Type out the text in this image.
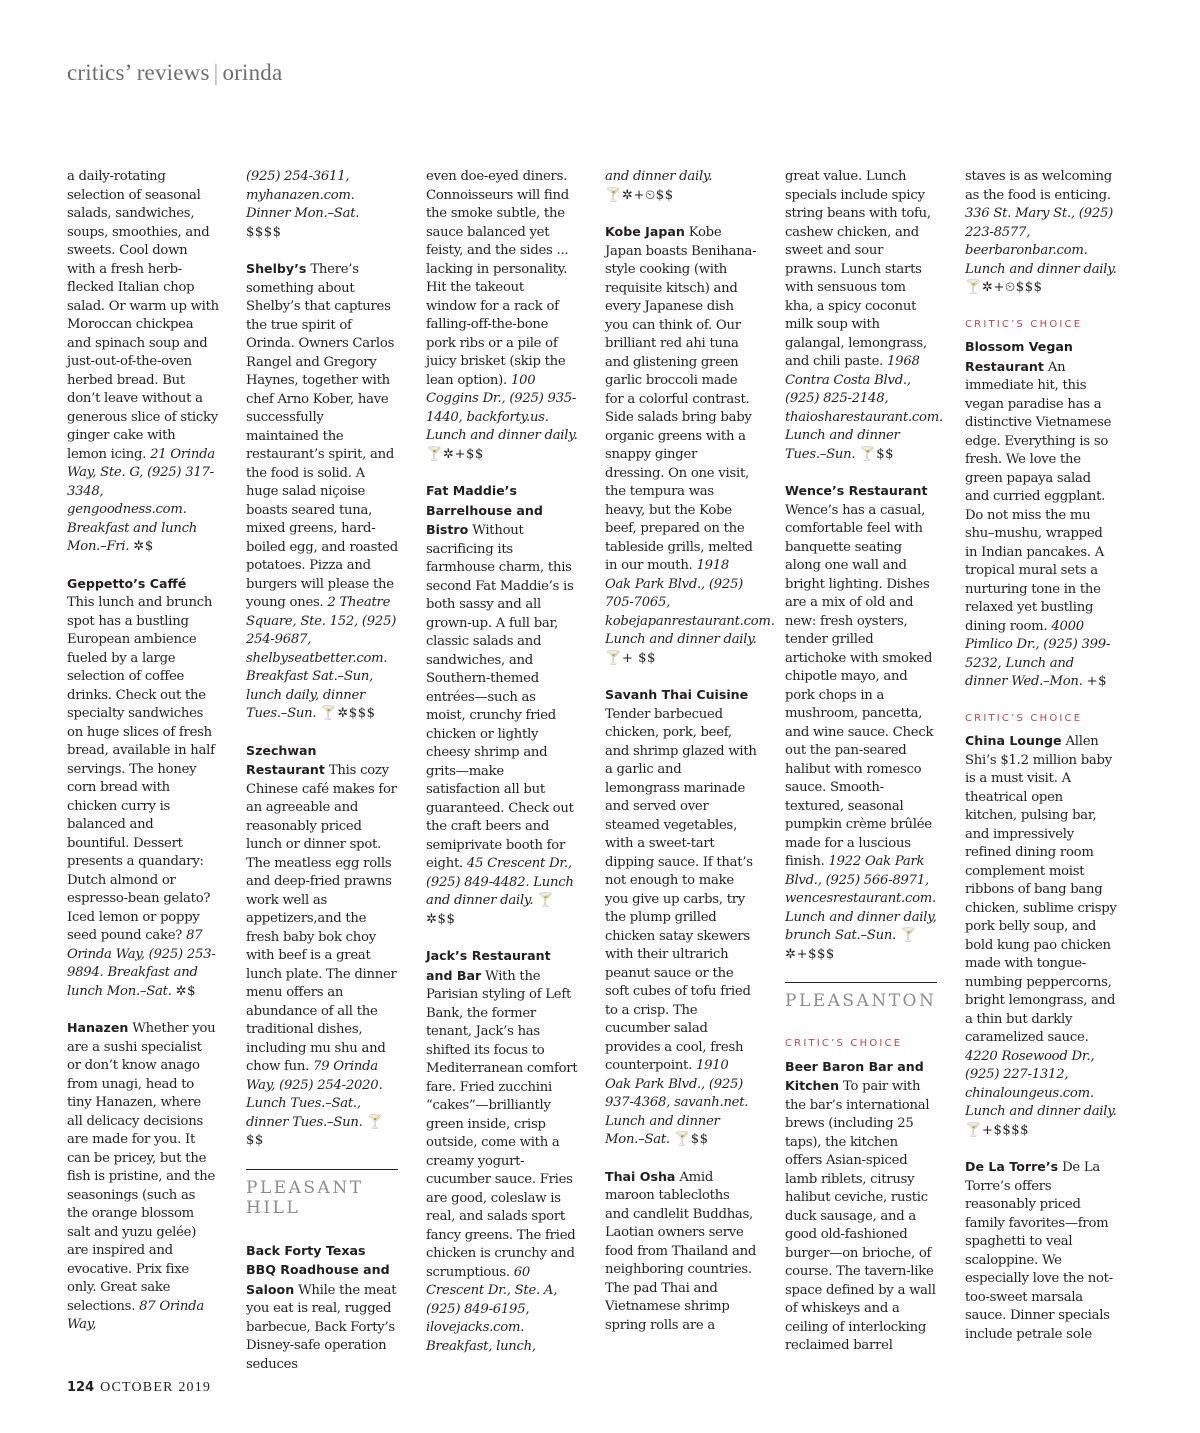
critics’ reviews | orinda

a daily-rotating selection of seasonal salads, sandwiches, soups, smoothies, and sweets. Cool down with a fresh herb-flecked Italian chop salad. Or warm up with Moroccan chickpea and spinach soup and just-out-of-the-oven herbed bread. But don’t leave without a generous slice of sticky ginger cake with lemon icing. 21 Orinda Way, Ste. G, (925) 317-3348, gengoodness.com. Breakfast and lunch Mon.–Fri. ✲$

Geppetto’s Caffé
This lunch and brunch spot has a bustling European ambience fueled by a large selection of coffee drinks. Check out the specialty sandwiches on huge slices of fresh bread, available in half servings. The honey corn bread with chicken curry is balanced and bountiful. Dessert presents a quandary: Dutch almond or espresso-bean gelato? Iced lemon or poppy seed pound cake? 87 Orinda Way, (925) 253-9894. Breakfast and lunch Mon.–Sat. ✲$

Hanazen Whether you are a sushi specialist or don’t know anago from unagi, head to tiny Hanazen, where all delicacy decisions are made for you. It can be pricey, but the fish is pristine, and the seasonings (such as the orange blossom salt and yuzu gelée) are inspired and evocative. Prix fixe only. Great sake selections. 87 Orinda Way,

(925) 254-3611, myhanazen.com. Dinner Mon.–Sat. $$$$

Shelby’s There’s something about Shelby’s that captures the true spirit of Orinda. Owners Carlos Rangel and Gregory Haynes, together with chef Arno Kober, have successfully maintained the restaurant’s spirit, and the food is solid. A huge salad niçoise boasts seared tuna, mixed greens, hard-boiled egg, and roasted potatoes. Pizza and burgers will please the young ones. 2 Theatre Square, Ste. 152, (925) 254-9687, shelbyseatbetter.com. Breakfast Sat.–Sun, lunch daily, dinner Tues.–Sun. 🍸✲$$$

Szechwan Restaurant This cozy Chinese café makes for an agreeable and reasonably priced lunch or dinner spot. The meatless egg rolls and deep-fried prawns work well as appetizers,and the fresh baby bok choy with beef is a great lunch plate. The dinner menu offers an abundance of all the traditional dishes, including mu shu and chow fun. 79 Orinda Way, (925) 254-2020. Lunch Tues.–Sat., dinner Tues.–Sun. 🍸$$

PLEASANT HILL

Back Forty Texas BBQ Roadhouse and Saloon While the meat you eat is real, rugged barbecue, Back Forty’s Disney-safe operation seduces

even doe-eyed diners. Connoisseurs will find the smoke subtle, the sauce balanced yet feisty, and the sides ... lacking in personality. Hit the takeout window for a rack of falling-off-the-bone pork ribs or a pile of juicy brisket (skip the lean option). 100 Coggins Dr., (925) 935-1440, backforty.us. Lunch and dinner daily. 🍸✲+$$

Fat Maddie’s Barrelhouse and Bistro Without sacrificing its farmhouse charm, this second Fat Maddie’s is both sassy and all grown-up. A full bar, classic salads and sandwiches, and Southern-themed entrées—such as moist, crunchy fried chicken or lightly cheesy shrimp and grits—make satisfaction all but guaranteed. Check out the craft beers and semiprivate booth for eight. 45 Crescent Dr., (925) 849-4482. Lunch and dinner daily. 🍸✲$$

Jack’s Restaurant and Bar With the Parisian styling of Left Bank, the former tenant, Jack’s has shifted its focus to Mediterranean comfort fare. Fried zucchini “cakes”—brilliantly green inside, crisp outside, come with a creamy yogurt-cucumber sauce. Fries are good, coleslaw is real, and salads sport fancy greens. The fried chicken is crunchy and scrumptious. 60 Crescent Dr., Ste. A, (925) 849-6195, ilovejacks.com. Breakfast, lunch,

and dinner daily.
🍸✲+⏲$$

Kobe Japan Kobe Japan boasts Benihana-style cooking (with requisite kitsch) and every Japanese dish you can think of. Our brilliant red ahi tuna and glistening green garlic broccoli made for a colorful contrast. Side salads bring baby organic greens with a snappy ginger dressing. On one visit, the tempura was heavy, but the Kobe beef, prepared on the tableside grills, melted in our mouth. 1918 Oak Park Blvd., (925) 705-7065, kobejapanrestaurant.com. Lunch and dinner daily. 🍸+ $$

Savanh Thai Cuisine
Tender barbecued chicken, pork, beef, and shrimp glazed with a garlic and lemongrass marinade and served over steamed vegetables, with a sweet-tart dipping sauce. If that’s not enough to make you give up carbs, try the plump grilled chicken satay skewers with their ultrarich peanut sauce or the soft cubes of tofu fried to a crisp. The cucumber salad provides a cool, fresh counterpoint. 1910 Oak Park Blvd., (925) 937-4368, savanh.net. Lunch and dinner Mon.–Sat. 🍸$$

Thai Osha Amid maroon tablecloths and candlelit Buddhas, Laotian owners serve food from Thailand and neighboring countries. The pad Thai and Vietnamese shrimp spring rolls are a

great value. Lunch specials include spicy string beans with tofu, cashew chicken, and sweet and sour prawns. Lunch starts with sensuous tom kha, a spicy coconut milk soup with galangal, lemongrass, and chili paste. 1968 Contra Costa Blvd., (925) 825-2148, thaiosharestaurant.com. Lunch and dinner Tues.–Sun. 🍸$$

Wence’s Restaurant
Wence’s has a casual, comfortable feel with banquette seating along one wall and bright lighting. Dishes are a mix of old and new: fresh oysters, tender grilled artichoke with smoked chipotle mayo, and pork chops in a mushroom, pancetta, and wine sauce. Check out the pan-seared halibut with romesco sauce. Smooth-textured, seasonal pumpkin crème brûlée made for a luscious finish. 1922 Oak Park Blvd., (925) 566-8971, wencesrestaurant.com. Lunch and dinner daily, brunch Sat.–Sun. 🍸✲+$$$

PLEASANTON
CRITIC’S CHOICE

Beer Baron Bar and Kitchen To pair with the bar’s international brews (including 25 taps), the kitchen offers Asian-spiced lamb riblets, citrusy halibut ceviche, rustic duck sausage, and a good old-fashioned burger—on brioche, of course. The tavern-like space defined by a wall of whiskeys and a ceiling of interlocking reclaimed barrel

staves is as welcoming as the food is enticing. 336 St. Mary St., (925) 223-8577, beerbaronbar.com. Lunch and dinner daily. 🍸✲+⏲$$$

CRITIC’S CHOICE

Blossom Vegan Restaurant An immediate hit, this vegan paradise has a distinctive Vietnamese edge. Everything is so fresh. We love the green papaya salad and curried eggplant. Do not miss the mu shu–mushu, wrapped in Indian pancakes. A tropical mural sets a nurturing tone in the relaxed yet bustling dining room. 4000 Pimlico Dr., (925) 399-5232, Lunch and dinner Wed.–Mon. +$

CRITIC’S CHOICE

China Lounge Allen Shi’s $1.2 million baby is a must visit. A theatrical open kitchen, pulsing bar, and impressively refined dining room complement moist ribbons of bang bang chicken, sublime crispy pork belly soup, and bold kung pao chicken made with tongue-numbing peppercorns, bright lemongrass, and a thin but darkly caramelized sauce. 4220 Rosewood Dr., (925) 227-1312, chinaloungeus.com. Lunch and dinner daily. 🍸+$$$$

De La Torre’s De La Torre’s offers reasonably priced family favorites—from spaghetti to veal scaloppine. We especially love the not-too-sweet marsala sauce. Dinner specials include petrale sole

124 OCTOBER 2019
